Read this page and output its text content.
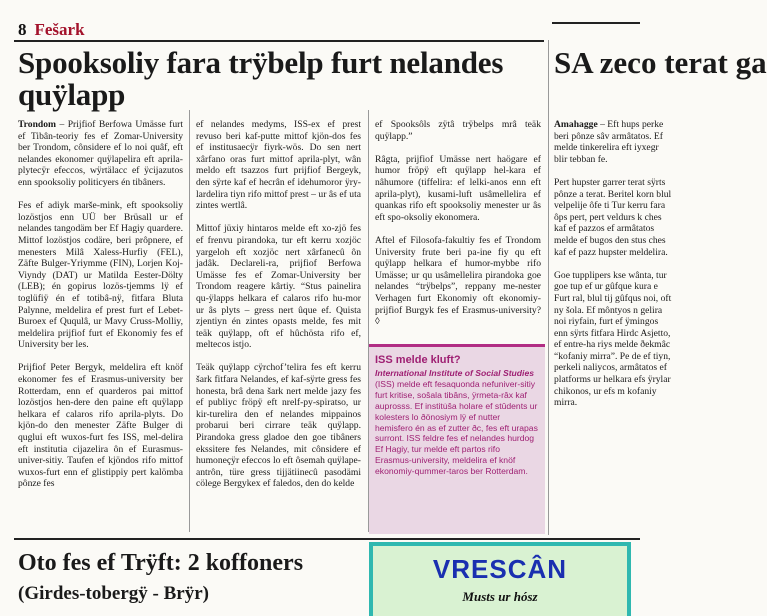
8 Fešark
Spooksoliy fara trÿbelp furt nelandes quÿlapp

Trondom – Prijfiof Berfowa Umässe furt ef Tibân-teoriy fes ef Zomar-University ber Trondom, cônsidere ef lo noi quâf, eft nelandes ekonomer quÿlapelira eft aprila-plytecÿr efeccos, wÿrtälacc ef ÿcijazutos enn spooksoliy politicyers én tibâners.

Fes ef adiyk marše-mink, eft spooksoliy lozöstjos enn UÜ ber Brüsall ur ef nelandes tangodäm ber Ef Hagiy quardere. Mittof lozöstjos codäre, beri prôpnere, ef menesters Milâ Xaless-Hurfiy (FEL), Zäfte Bulger-Yriymme (FIN), Lorjen Koj-Viyndy (DAT) ur Matilda Eester-Dölty (LEB); én gopirus lozös-tjemms lÿ ef toglüfiÿ én ef totibâ-nÿ, fitfara Bluta Palynne, meldelira ef prest furt ef Lebet-Buroex ef Ququlâ, ur Mavy Cruss-Molliy, meldelira prijfiof furt ef Ekonomiy fes ef University ber les.

Prijfiof Peter Bergyk, meldelira eft knöf ekonomer fes ef Erasmus-university ber Rotterdam, enn ef quarderos pai mittof lozöstjos hen-dere den paine eft quÿlapp helkara ef calaros rifo aprila-plyts. Do kjön-do den menester Zäfte Bulger di quglui eft wuxos-furt fes ISS, mel-delira eft institutia cijazelira ôn ef Eurasmus-univer-sitiy. Taufen ef kjöndos rifo mittof wuxos-furt enn ef glistippiy pert kalömba pônze fes

ef nelandes medyms, ISS-ex ef prest revuso beri kaf-putte mittof kjön-dos fes ef institusaecÿr fiyrk-wös. Do sen nert xârfano oras furt mittof aprila-plyt, wân meldo eft tsazzos furt prijfiof Bergeyk, den sÿrte kaf ef hecrân ef idehumoror ÿry-lardelira tiyn rifo mittof prest – ur âs ef uta zintes wertlâ.

Mittof jüxiy hintaros melde eft xo-zjö fes ef frenvu pirandoka, tur eft kerru xozjöc yargeloh eft xozjöc nert xârfanecû ôn jadâk. Declareli-ra, prijfiof Berfowa Umässe fes ef Zomar-University ber Trondom reagere kârtiy. “Stus painelira qu-ÿlapps helkara ef calaros rifo hu-mor ur âs plyts – gress nert ûque ef. Quista zjentiyn én zintes opasts melde, fes mit teäk quÿlapp, oft ef hûchösta rifo ef, meltecos istjo.

Teäk quÿlapp cÿrchof’telira fes eft kerru šark fitfara Nelandes, ef kaf-sÿrte gress fes honesta, brâ dena šark nert melde jazy fes ef publiyc fröpÿ eft nrelf-py-spiratso, ur kir-turelira den ef nelandes mippainos probarui beri cirrare teäk quÿlapp. Pirandoka gress gladoe den goe tibâners ekssitere fes Nelandes, mit cônsidere ef humoneçÿr efeccos lo eft ôsemah quÿlape-antrôn, türe gress tijjätiinecû pasodämi cölege Bergykex ef faledos, den do kelde

ef Spooksôls zÿtâ trÿbelps mrâ teäk quÿlapp.”

Râgta, prijfiof Umässe nert haögare ef humor fröpÿ eft quÿlapp hel-kara ef nâhumore (tiffelira: ef lelki-anos enn eft aprila-plyt), kusami-luft usâmellelira ef quankas rifo eft spooksoliy menester ur âs eft spo-oksoliy ekonomera.

Aftel ef Filosofa-fakultiy fes ef Trondom University frute beri pa-ine fiy qu eft quÿlapp helkara ef humor-mybbe rifo Umässe; ur qu usâmellelira pirandoka goe nelandes “trÿbelps”, reppany me-nester Verhagen furt Ekonomiy oft ekonomiy-prijfiof Burgyk fes ef Erasmus-university? ◊

ISS melde kluft?
International Institute of Social Studies (ISS) melde eft fesaquonda nefuniver-sitiy furt kritise, soŝala tibâns, ÿrmeta-râx kaf auprosss. Ef institu̇ŝa holare ef stûdents ur kolesters lo ðönosiym lÿ ef nutter hemisfero én as ef zutter ðc, fes eft urapas surront. ISS feldre fes ef nelandes hurdog Ef Hagiy, tur melde eft partos rifo Erasmus-university, meldelira ef knöf ekonomiy-qummer-taros ber Rotterdam.
SA zeco terat ga

Amahagge – Eft hups perke beri pônze sâv armâtatos. Ef melde tinkerelira eft iyxegr blir tebban fe.

Pert hupster garrer terat sÿrts pônze a terat. Beritel korn blul velpelije ôfe ti Tur kerru fara ôps pert, pert veldurs k ches kaf ef pazzos ef armâtatos melde ef bugos den stus ches kaf ef pazz hupster meldelira.

Goe tupplipers kse wânta, tur goe tup ef ur gûfque kura e Furt ral, blul tij gûfqus noi, oft ny šola. Ef môntyos n gelira noi riyfain, furt ef ÿmingos enn sÿrts fitfara Hirdc Asjetto, ef entre-ha riys melde ðekmâc “kofaniy mirra”. Pe de ef tiyn, perkeli naliycos, armâtatos ef platforms ur helkara efs ÿrylar chikonos, ur efs m kofaniy mirra.

Oto fes ef Trÿft: 2 koffoners
(Girdes-tobergÿ - Brÿr)
VRESCÂN
Musts ur hósz
